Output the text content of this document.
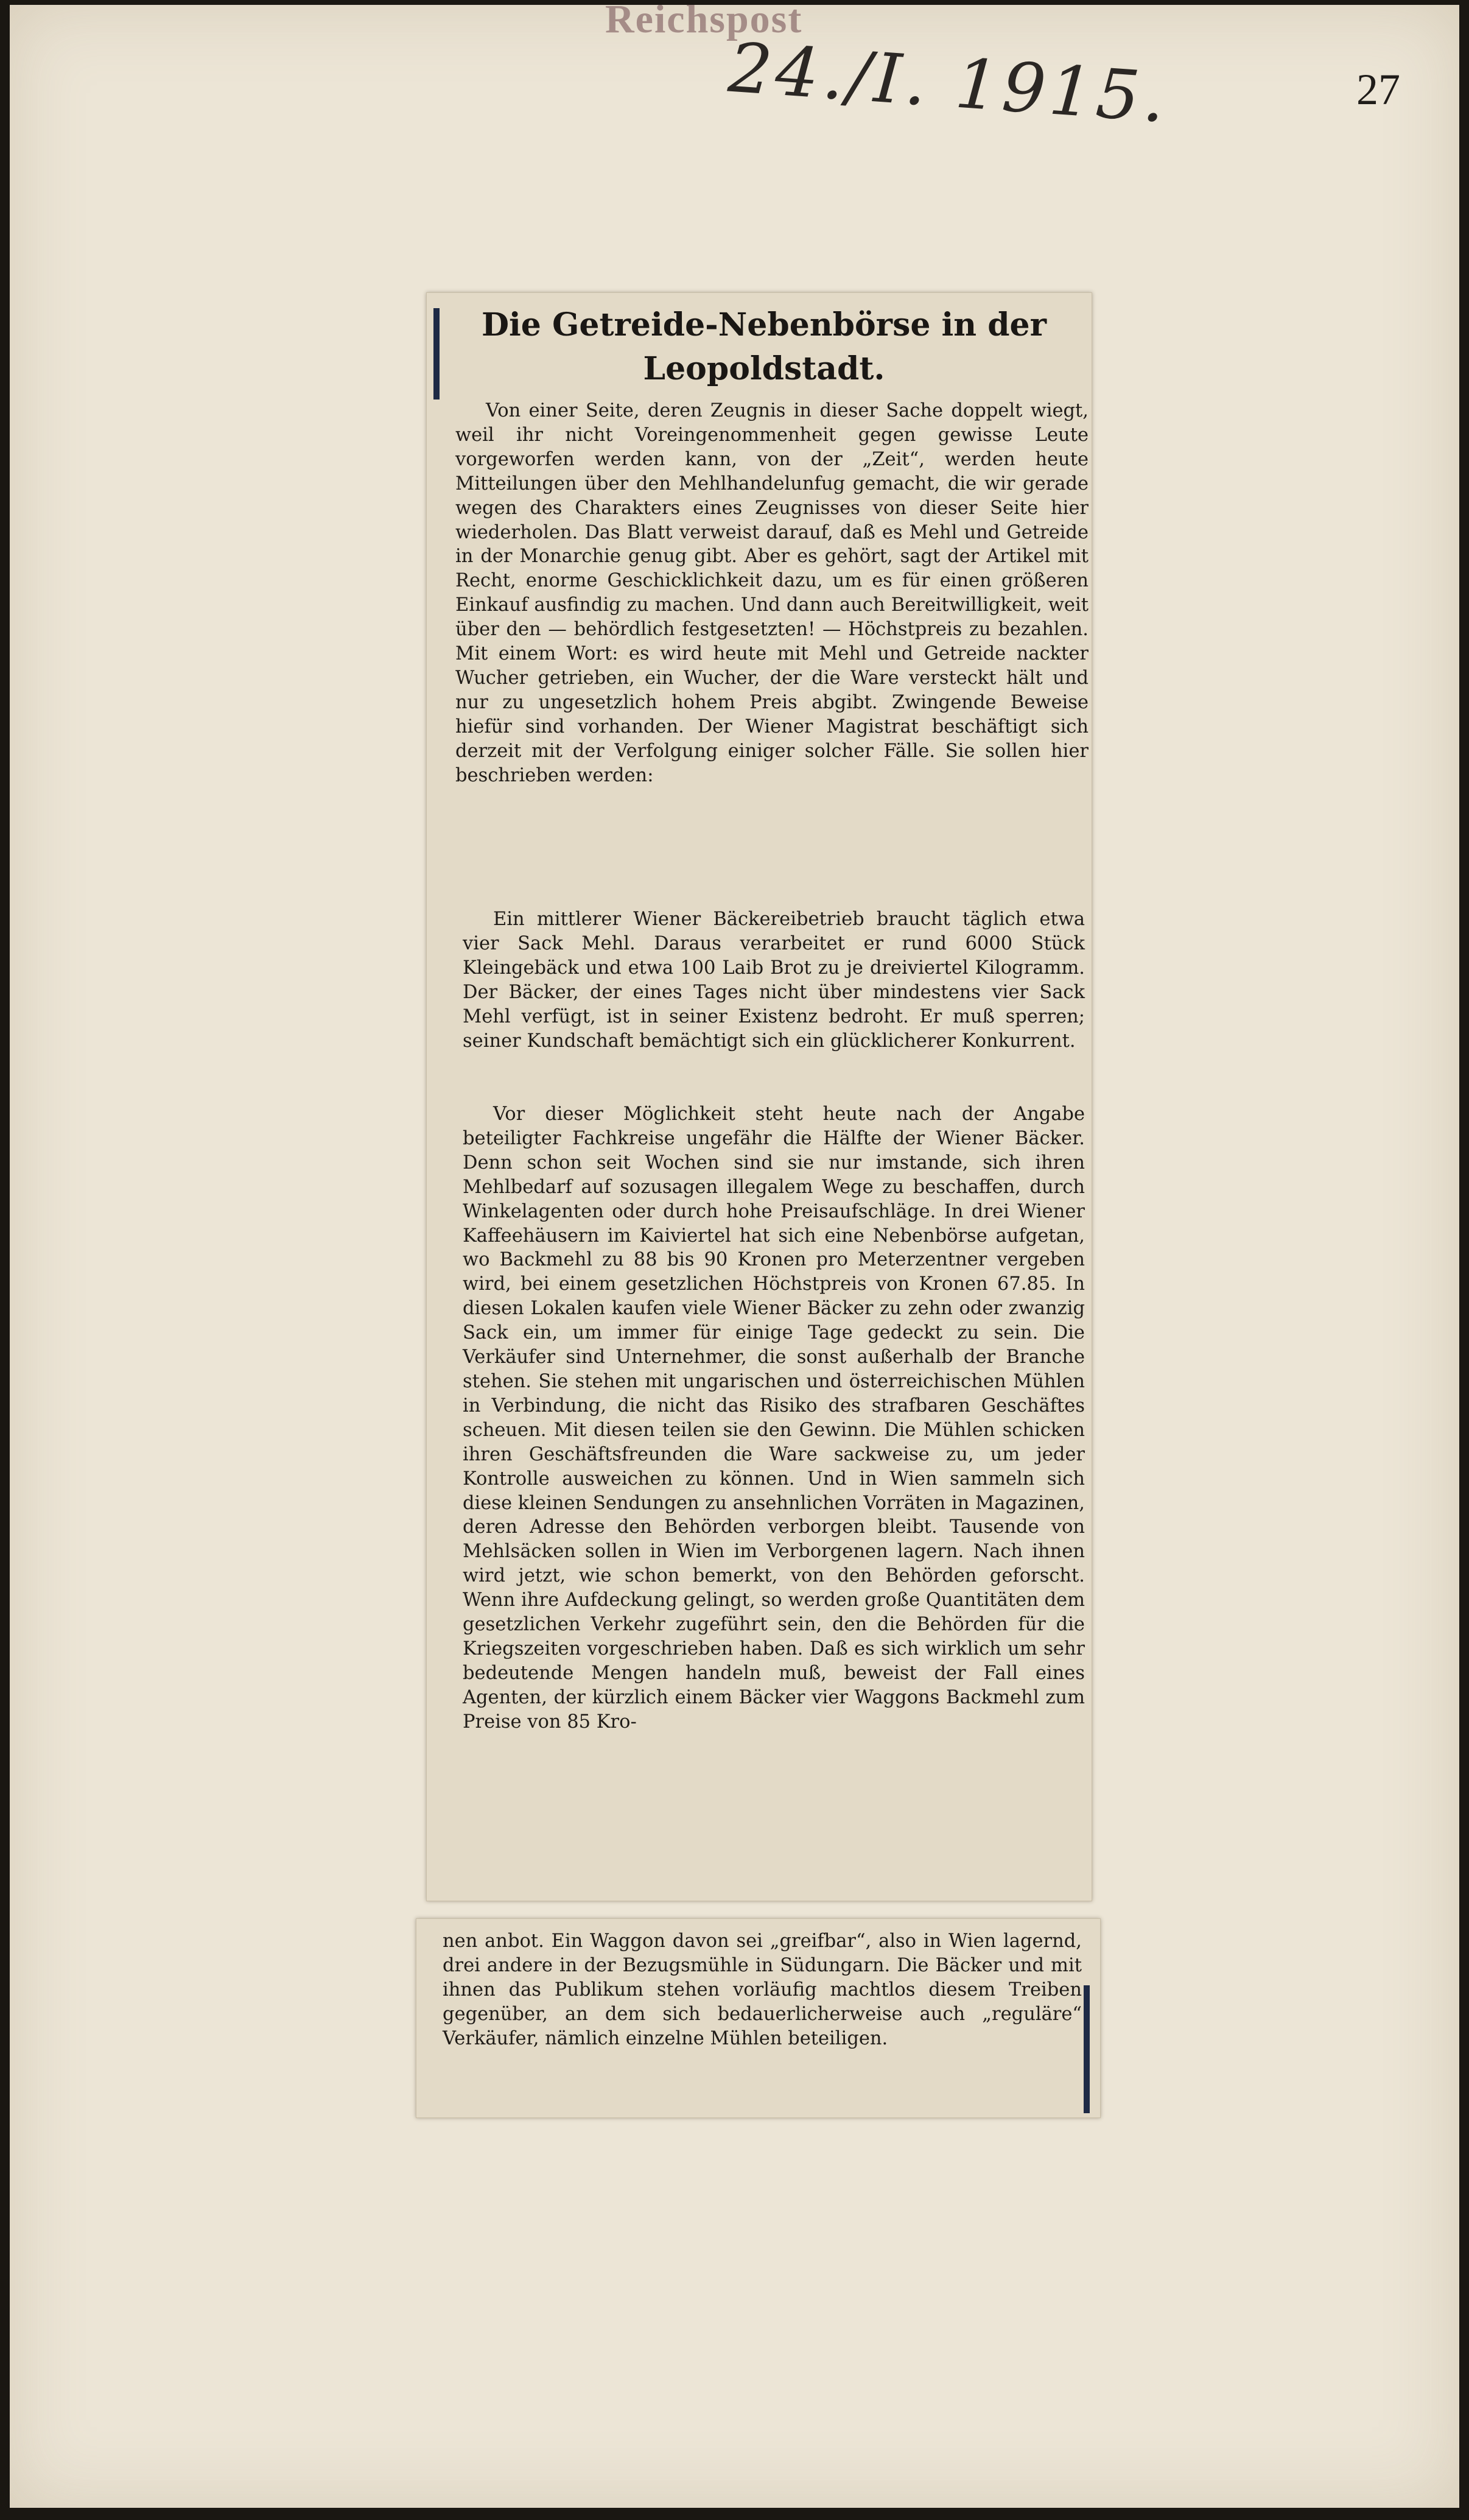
Reichspost
24./I. 1915.	27
Die Getreide-Nebenbörse in der Leopoldstadt.

Von einer Seite, deren Zeugnis in dieser Sache doppelt wiegt, weil ihr nicht Voreingenommenheit gegen gewisse Leute vorgeworfen werden kann, von der „Zeit“, werden heute Mitteilungen über den Mehlhandelunfug gemacht, die wir gerade wegen des Charakters eines Zeugnisses von dieser Seite hier wiederholen. Das Blatt verweist darauf, daß es Mehl und Getreide in der Monarchie genug gibt. Aber es gehört, sagt der Artikel mit Recht, enorme Geschicklichkeit dazu, um es für einen größeren Einkauf ausfindig zu machen. Und dann auch Bereitwilligkeit, weit über den — behördlich festgesetzten! — Höchstpreis zu bezahlen. Mit einem Wort: es wird heute mit Mehl und Getreide nackter Wucher getrieben, ein Wucher, der die Ware versteckt hält und nur zu ungesetzlich hohem Preis abgibt. Zwingende Beweise hiefür sind vorhanden. Der Wiener Magistrat beschäftigt sich derzeit mit der Verfolgung einiger solcher Fälle. Sie sollen hier beschrieben werden:

Ein mittlerer Wiener Bäckereibetrieb braucht täglich etwa vier Sack Mehl. Daraus verarbeitet er rund 6000 Stück Kleingebäck und etwa 100 Laib Brot zu je dreiviertel Kilogramm. Der Bäcker, der eines Tages nicht über mindestens vier Sack Mehl verfügt, ist in seiner Existenz bedroht. Er muß sperren; seiner Kundschaft bemächtigt sich ein glücklicherer Konkurrent.

Vor dieser Möglichkeit steht heute nach der Angabe beteiligter Fachkreise ungefähr die Hälfte der Wiener Bäcker. Denn schon seit Wochen sind sie nur imstande, sich ihren Mehlbedarf auf sozusagen illegalem Wege zu beschaffen, durch Winkelagenten oder durch hohe Preisaufschläge. In drei Wiener Kaffeehäusern im Kaiviertel hat sich eine Nebenbörse aufgetan, wo Backmehl zu 88 bis 90 Kronen pro Meterzentner vergeben wird, bei einem gesetzlichen Höchstpreis von Kronen 67.85. In diesen Lokalen kaufen viele Wiener Bäcker zu zehn oder zwanzig Sack ein, um immer für einige Tage gedeckt zu sein. Die Verkäufer sind Unternehmer, die sonst außerhalb der Branche stehen. Sie stehen mit ungarischen und österreichischen Mühlen in Verbindung, die nicht das Risiko des strafbaren Geschäftes scheuen. Mit diesen teilen sie den Gewinn. Die Mühlen schicken ihren Geschäftsfreunden die Ware sackweise zu, um jeder Kontrolle ausweichen zu können. Und in Wien sammeln sich diese kleinen Sendungen zu ansehnlichen Vorräten in Magazinen, deren Adresse den Behörden verborgen bleibt. Tausende von Mehlsäcken sollen in Wien im Verborgenen lagern. Nach ihnen wird jetzt, wie schon bemerkt, von den Behörden geforscht. Wenn ihre Aufdeckung gelingt, so werden große Quantitäten dem gesetzlichen Verkehr zugeführt sein, den die Behörden für die Kriegszeiten vorgeschrieben haben. Daß es sich wirklich um sehr bedeutende Mengen handeln muß, beweist der Fall eines Agenten, der kürzlich einem Bäcker vier Waggons Backmehl zum Preise von 85 Kro-

nen anbot. Ein Waggon davon sei „greifbar“, also in Wien lagernd, drei andere in der Bezugsmühle in Südungarn. Die Bäcker und mit ihnen das Publikum stehen vorläufig machtlos diesem Treiben gegenüber, an dem sich bedauerlicherweise auch „reguläre“ Verkäufer, nämlich einzelne Mühlen beteiligen.
